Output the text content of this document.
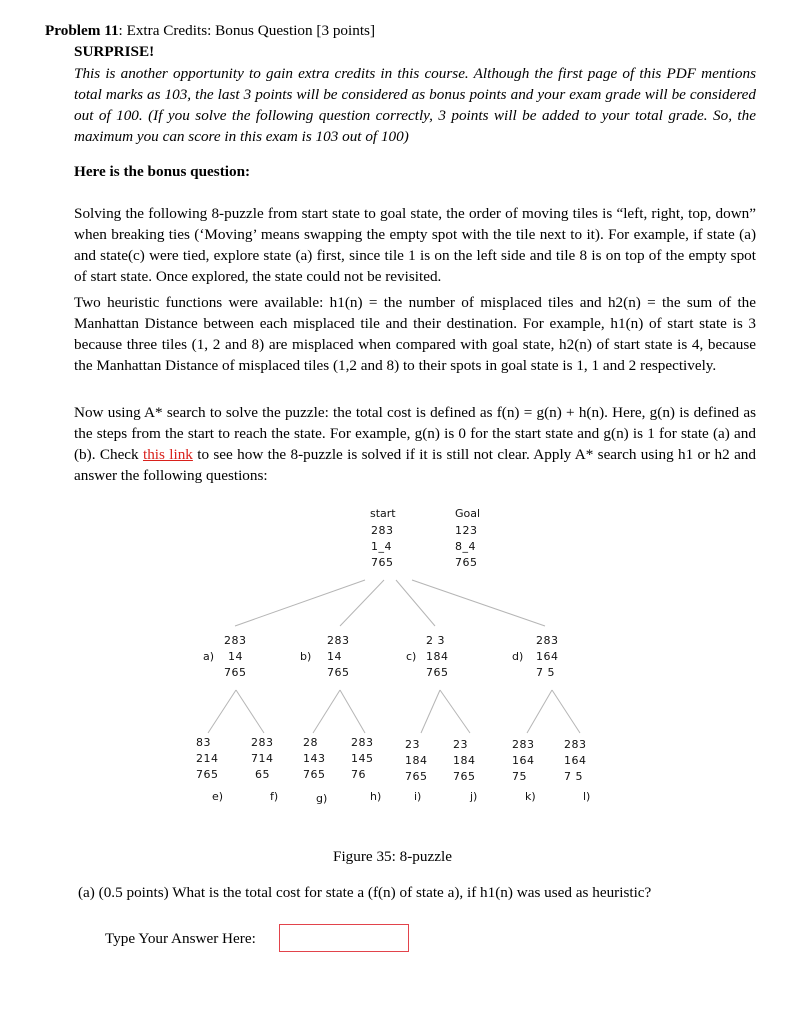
Problem 11: Extra Credits: Bonus Question [3 points]
SURPRISE!
This is another opportunity to gain extra credits in this course. Although the first page of this PDF mentions total marks as 103, the last 3 points will be considered as bonus points and your exam grade will be considered out of 100. (If you solve the following question correctly, 3 points will be added to your total grade. So, the maximum you can score in this exam is 103 out of 100)
Here is the bonus question:
Solving the following 8-puzzle from start state to goal state, the order of moving tiles is “left, right, top, down” when breaking ties (‘Moving’ means swapping the empty spot with the tile next to it). For example, if state (a) and state(c) were tied, explore state (a) first, since tile 1 is on the left side and tile 8 is on top of the empty spot of start state. Once explored, the state could not be revisited.
Two heuristic functions were available: h1(n) = the number of misplaced tiles and h2(n) = the sum of the Manhattan Distance between each misplaced tile and their destination. For example, h1(n) of start state is 3 because three tiles (1, 2 and 8) are misplaced when compared with goal state, h2(n) of start state is 4, because the Manhattan Distance of misplaced tiles (1,2 and 8) to their spots in goal state is 1, 1 and 2 respectively.
Now using A* search to solve the puzzle: the total cost is defined as f(n) = g(n) + h(n). Here, g(n) is defined as the steps from the start to reach the state. For example, g(n) is 0 for the start state and g(n) is 1 for state (a) and (b). Check this link to see how the 8-puzzle is solved if it is still not clear. Apply A* search using h1 or h2 and answer the following questions:
start
283
1_4
765
Goal
123
8_4
765
a)
283
14
765
b)
283
14
765
c)
2 3
184
765
d)
283
164
7 5
83
214
765
e)
283
714
65
f)
28
143
765
g)
283
145
76
h)
23
184
765
i)
23
184
765
j)
283
164
75
k)
283
164
7 5
l)
Figure 35: 8-puzzle
(a) (0.5 points) What is the total cost for state a (f(n) of state a), if h1(n) was used as heuristic?
Type Your Answer Here:
